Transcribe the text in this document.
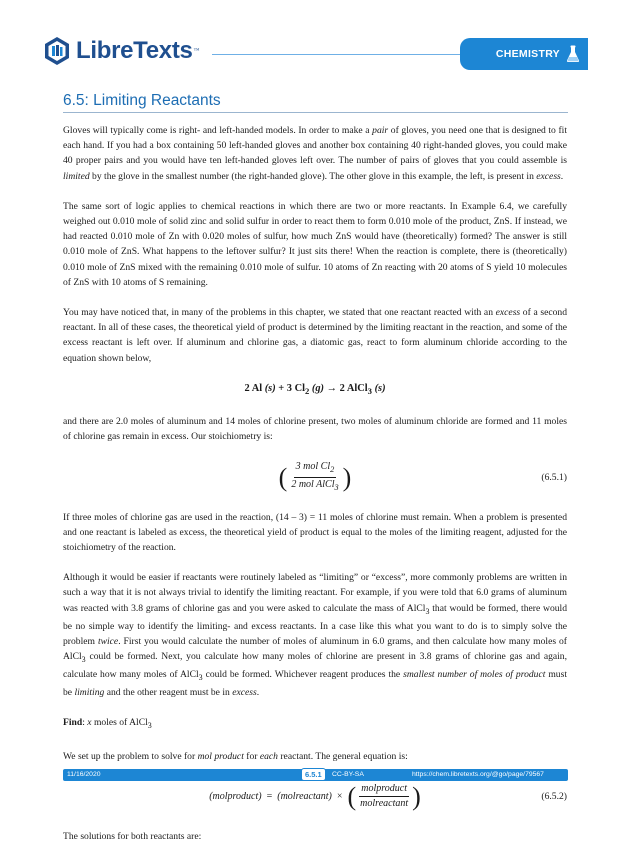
LibreTexts ™	CHEMISTRY
6.5: Limiting Reactants

Gloves will typically come is right- and left-handed models. In order to make a pair of gloves, you need one that is designed to fit each hand. If you had a box containing 50 left-handed gloves and another box containing 40 right-handed gloves, you could make 40 proper pairs and you would have ten left-handed gloves left over. The number of pairs of gloves that you could assemble is limited by the glove in the smallest number (the right-handed glove). The other glove in this example, the left, is present in excess.

The same sort of logic applies to chemical reactions in which there are two or more reactants. In Example 6.4, we carefully weighed out 0.010 mole of solid zinc and solid sulfur in order to react them to form 0.010 mole of the product, ZnS. If instead, we had reacted 0.010 mole of Zn with 0.020 moles of sulfur, how much ZnS would have (theoretically) formed? The answer is still 0.010 mole of ZnS. What happens to the leftover sulfur? It just sits there! When the reaction is complete, there is (theoretically) 0.010 mole of ZnS mixed with the remaining 0.010 mole of sulfur. 10 atoms of Zn reacting with 20 atoms of S yield 10 molecules of ZnS with 10 atoms of S remaining.

You may have noticed that, in many of the problems in this chapter, we stated that one reactant reacted with an excess of a second reactant. In all of these cases, the theoretical yield of product is determined by the limiting reactant in the reaction, and some of the excess reactant is left over. If aluminum and chlorine gas, a diatomic gas, react to form aluminum chloride according to the equation shown below,

2 Al (s) + 3 $Cl_2$ (g) → 2 AlCl$_3$ (s)

and there are 2.0 moles of aluminum and 14 moles of chlorine present, two moles of aluminum chloride are formed and 11 moles of chlorine gas remain in excess. Our stoichiometry is:

( $\frac{3 mol Cl_2}{2 mol AlCl_3}$ )	(6.5.1)

If three moles of chlorine gas are used in the reaction, (14 – 3) = 11 moles of chlorine must remain. When a problem is presented and one reactant is labeled as excess, the theoretical yield of product is equal to the moles of the limiting reagent, adjusted for the stoichiometry of the reaction.

Although it would be easier if reactants were routinely labeled as “limiting” or “excess”, more commonly problems are written in such a way that it is not always trivial to identify the limiting reactant. For example, if you were told that 6.0 grams of aluminum was reacted with 3.8 grams of chlorine gas and you were asked to calculate the mass of AlCl$_3$ that would be formed, there would be no simple way to identify the limiting- and excess reactants. In a case like this what you want to do is to simply solve the problem twice. First you would calculate the number of moles of aluminum in 6.0 grams, and then calculate how many moles of AlCl$_3$ could be formed. Next, you calculate how many moles of chlorine are present in 3.8 grams of chlorine gas and again, calculate how many moles of AlCl$_3$ could be formed. Whichever reagent produces the smallest number of moles of product must be limiting and the other reagent must be in excess.

Find: x moles of AlCl$_3$

We set up the problem to solve for mol product for each reactant. The general equation is:

(molproduct) = (molreactant) × ( $\frac{\text{molproduct}}{\text{molreactant}}$ )	(6.5.2)

The solutions for both reactants are:

11/16/2020	6.5.1	CC-BY-SA	https://chem.libretexts.org/@go/page/79567
